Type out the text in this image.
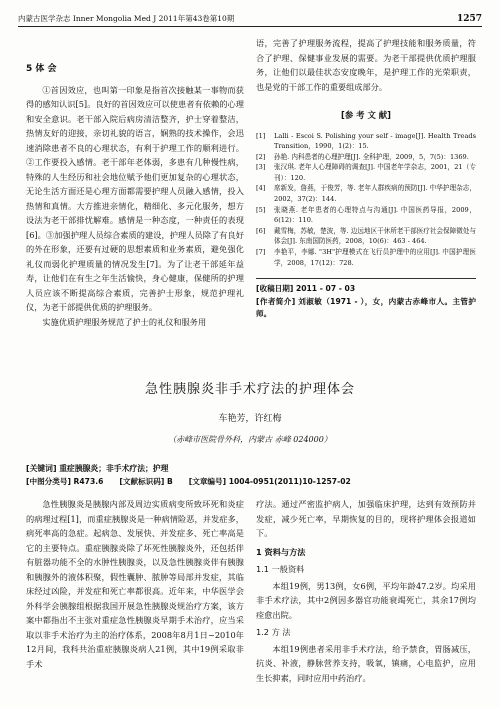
内蒙古医学杂志 Inner Mongolia Med J 2011年第43卷第10期	1257
5 体 会

①首因效应，也叫第一印象是指首次接触某一事物而获得的感知认识[5]。良好的首因效应可以使患者有依赖的心理和安全意识。老干部入院后病房清洁整齐，护士穿着整洁，热情友好的迎接，亲切礼貌的语言，娴熟的技术操作，会迅速消除患者不良的心理状态，有利于护理工作的顺利进行。②工作要投入感情。老干部年老体弱，多患有几种慢性病，特殊的人生经历和社会地位赋予他们更加复杂的心理状态，无论生活方面还是心理方面都需要护理人员融入感情，投入热情和真情。大方推进亲情化，精细化、多元化服务，想方设法为老干部排忧解难。感情是一种态度，一种责任的表现[6]。③加强护理人员综合素质的建设，护理人员除了有良好的外在形象，还要有过硬的思想素质和业务素质，避免强化礼仪而弱化护理质量的情况发生[7]。为了让老干部延年益寿，让他们在有生之年生活愉快，身心健康，保健所的护理人员应该不断提高综合素质，完善护士形象，规范护理礼仪，为老干部提供优质的护理服务。

实施优质护理服务规范了护士的礼仪和服务用

语，完善了护理服务流程，提高了护理技能和服务质量，符合了护理、保健事业发展的需要。为老干部提供优质护理服务，让他们以最佳状态安度晚年，是护理工作的光荣职责，也是党的干部工作的重要组成部分。
[参 考 文 献]
[1]	Lalli - Escoi S. Polishing your self - image[J]. Health Treads Transition，1990，1(2)：15.
[2]	孙艳. 内科患者的心理护理[J]. 全科护理，2009，5，7(5)：1369.
[3]	张汉琪. 老年人心理障碍的调查[J]. 中国老年学杂志，2001，21（专刊）：120.
[4]	席新发，詹燕，于俊芳，等. 老年人群疾病的预防[J]. 中华护理杂志，2002，37(2)：144.
[5]	张晓燕. 老年患者的心理特点与沟通[J]. 中国医药导报，2009，6(12)：110.
[6]	戴雪梅，苏敏，楚波，等. 边远地区干休所老干部医疗社会保障微处与体会[J]. 东南国防医药，2008，10(6)：463 - 464.
[7]	李艳平，李娜. "3H"护理模式在飞行员护理中的应用[J]. 中国护理医学，2008，17(12)：728.
[收稿日期] 2011 - 07 - 03
[作者简介] 刘淑敏（1971 - ），女，内蒙古赤峰市人。主管护师。
急性胰腺炎非手术疗法的护理体会
车艳芳，许红梅
（赤峰市医院骨外科，内蒙古 赤峰 024000）
[关键词] 重症胰腺炎；非手术疗法；护理
[中图分类号] R473.6 [文献标识码] B [文章编号] 1004-0951(2011)10-1257-02

急性胰腺炎是胰腺内部及周边实质病变所致坏死和炎症的病理过程[1]，而重症胰腺炎是一种病情险恶，并发症多，病死率高的急症。起病急、发展快、并发症多、死亡率高是它的主要特点。重症胰腺炎除了坏死性胰腺炎外，还包括伴有脏器功能不全的水肿性胰腺炎，以及急性胰腺炎伴有胰腺和胰腺外的液体积聚，假性囊肿、脓肿等局部并发症，其临床经过凶险，并发症和死亡率都很高。近年来，中华医学会外科学会胰腺组根据我国开展急性胰腺炎规治疗方案，该方案中都指出不主张对重症急性胰腺炎早期手术治疗，应当采取以非手术治疗为主的治疗体系，2008年8月1日~2010年12月间，我科共治重症胰腺炎病人21例，其中19例采取非手术

疗法。通过严密监护病人，加强临床护理，达到有效预防并发症，减少死亡率，早期恢复的目的，现将护理体会报道如下。
1 资料与方法
1.1 一般资料

本组19例，男13例，女6例，平均年龄47.2岁。均采用非手术疗法，其中2例因多器官功能衰竭死亡，其余17例均痊愈出院。

1.2 方 法

本组19例患者采用非手术疗法，给予禁食，胃肠减压，抗炎、补液，静脉营养支持，吸氧，镇痛，心电监护，应用生长抑素，同时应用中药治疗。
